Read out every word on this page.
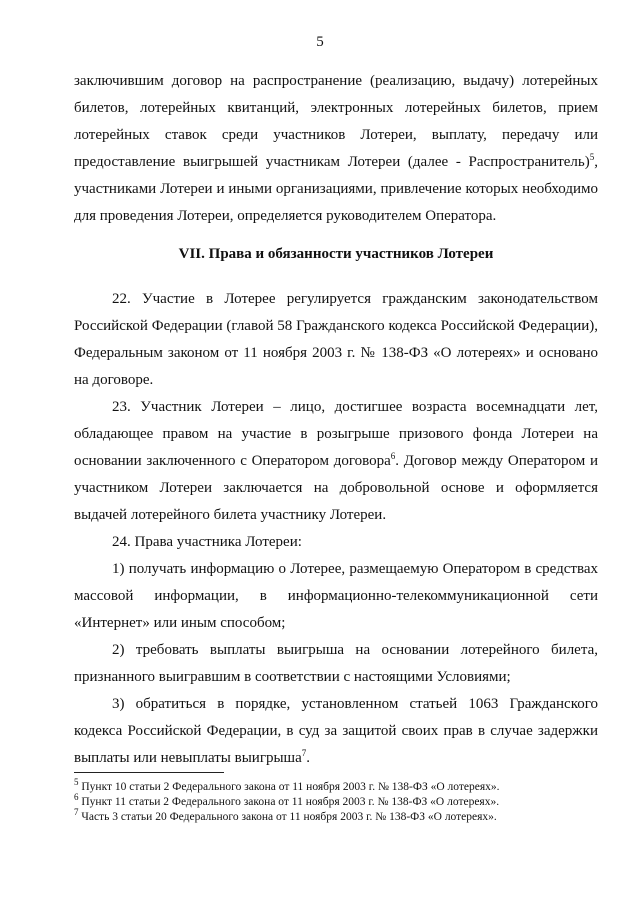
5

заключившим договор на распространение (реализацию, выдачу) лотерейных билетов, лотерейных квитанций, электронных лотерейных билетов, прием лотерейных ставок среди участников Лотереи, выплату, передачу или предоставление выигрышей участникам Лотереи (далее - Распространитель)$^5$, участниками Лотереи и иными организациями, привлечение которых необходимо для проведения Лотереи, определяется руководителем Оператора.

VII. Права и обязанности участников Лотереи

22. Участие в Лотерее регулируется гражданским законодательством Российской Федерации (главой 58 Гражданского кодекса Российской Федерации), Федеральным законом от 11 ноября 2003 г. № 138-ФЗ «О лотереях» и основано на договоре.

23. Участник Лотереи – лицо, достигшее возраста восемнадцати лет, обладающее правом на участие в розыгрыше призового фонда Лотереи на основании заключенного с Оператором договора$^6$. Договор между Оператором и участником Лотереи заключается на добровольной основе и оформляется выдачей лотерейного билета участнику Лотереи.

24. Права участника Лотереи:

1) получать информацию о Лотерее, размещаемую Оператором в средствах массовой информации, в информационно-телекоммуникационной сети «Интернет» или иным способом;

2) требовать выплаты выигрыша на основании лотерейного билета, признанного выигравшим в соответствии с настоящими Условиями;

3) обратиться в порядке, установленном статьей 1063 Гражданского кодекса Российской Федерации, в суд за защитой своих прав в случае задержки выплаты или невыплаты выигрыша$^7$.

$^5$ Пункт 10 статьи 2 Федерального закона от 11 ноября 2003 г. № 138-ФЗ «О лотереях».

$^6$ Пункт 11 статьи 2 Федерального закона от 11 ноября 2003 г. № 138-ФЗ «О лотереях».

$^7$ Часть 3 статьи 20 Федерального закона от 11 ноября 2003 г. № 138-ФЗ «О лотереях».
